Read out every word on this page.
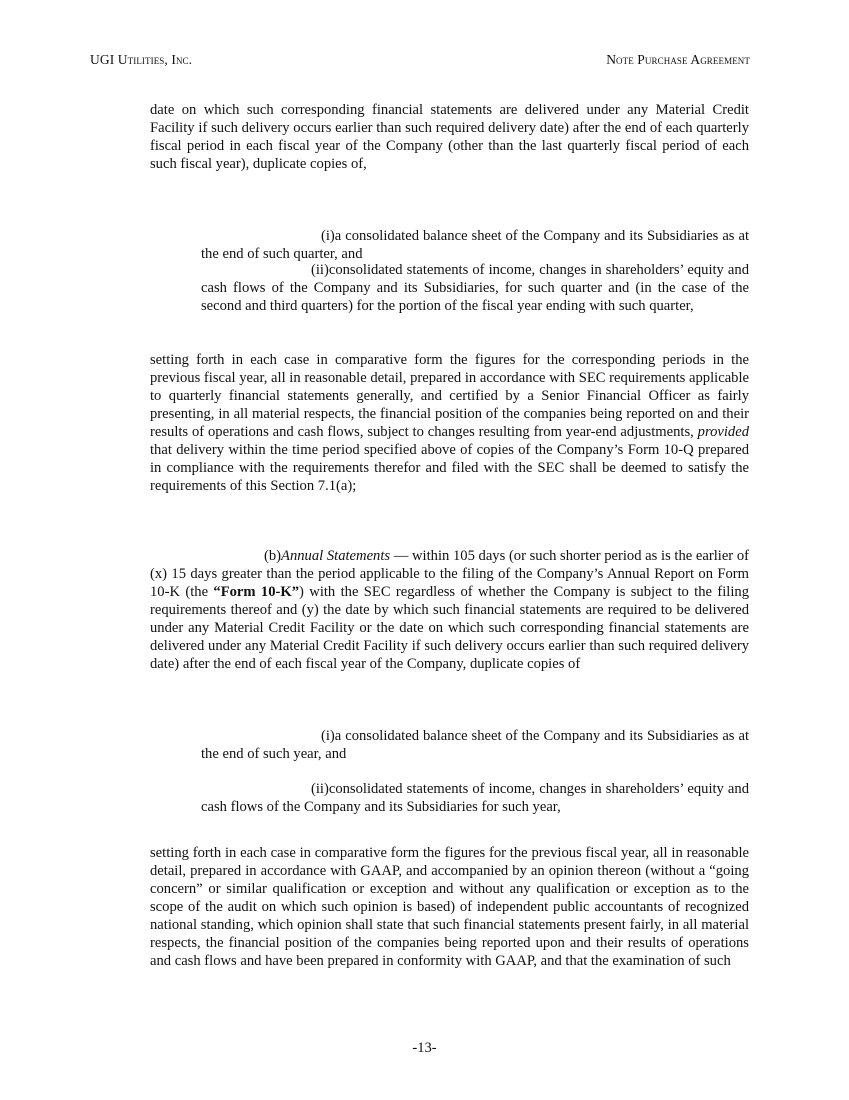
UGI Utilities, Inc.	Note Purchase Agreement

date on which such corresponding financial statements are delivered under any Material Credit Facility if such delivery occurs earlier than such required delivery date) after the end of each quarterly fiscal period in each fiscal year of the Company (other than the last quarterly fiscal period of each such fiscal year), duplicate copies of,

(i)a consolidated balance sheet of the Company and its Subsidiaries as at the end of such quarter, and

(ii)consolidated statements of income, changes in shareholders’ equity and cash flows of the Company and its Subsidiaries, for such quarter and (in the case of the second and third quarters) for the portion of the fiscal year ending with such quarter,

setting forth in each case in comparative form the figures for the corresponding periods in the previous fiscal year, all in reasonable detail, prepared in accordance with SEC requirements applicable to quarterly financial statements generally, and certified by a Senior Financial Officer as fairly presenting, in all material respects, the financial position of the companies being reported on and their results of operations and cash flows, subject to changes resulting from year-end adjustments, provided that delivery within the time period specified above of copies of the Company’s Form 10-Q prepared in compliance with the requirements therefor and filed with the SEC shall be deemed to satisfy the requirements of this Section 7.1(a);

(b)Annual Statements — within 105 days (or such shorter period as is the earlier of (x) 15 days greater than the period applicable to the filing of the Company’s Annual Report on Form 10-K (the “Form 10-K”) with the SEC regardless of whether the Company is subject to the filing requirements thereof and (y) the date by which such financial statements are required to be delivered under any Material Credit Facility or the date on which such corresponding financial statements are delivered under any Material Credit Facility if such delivery occurs earlier than such required delivery date) after the end of each fiscal year of the Company, duplicate copies of

(i)a consolidated balance sheet of the Company and its Subsidiaries as at the end of such year, and

(ii)consolidated statements of income, changes in shareholders’ equity and cash flows of the Company and its Subsidiaries for such year,

setting forth in each case in comparative form the figures for the previous fiscal year, all in reasonable detail, prepared in accordance with GAAP, and accompanied by an opinion thereon (without a “going concern” or similar qualification or exception and without any qualification or exception as to the scope of the audit on which such opinion is based) of independent public accountants of recognized national standing, which opinion shall state that such financial statements present fairly, in all material respects, the financial position of the companies being reported upon and their results of operations and cash flows and have been prepared in conformity with GAAP, and that the examination of such

-13-
